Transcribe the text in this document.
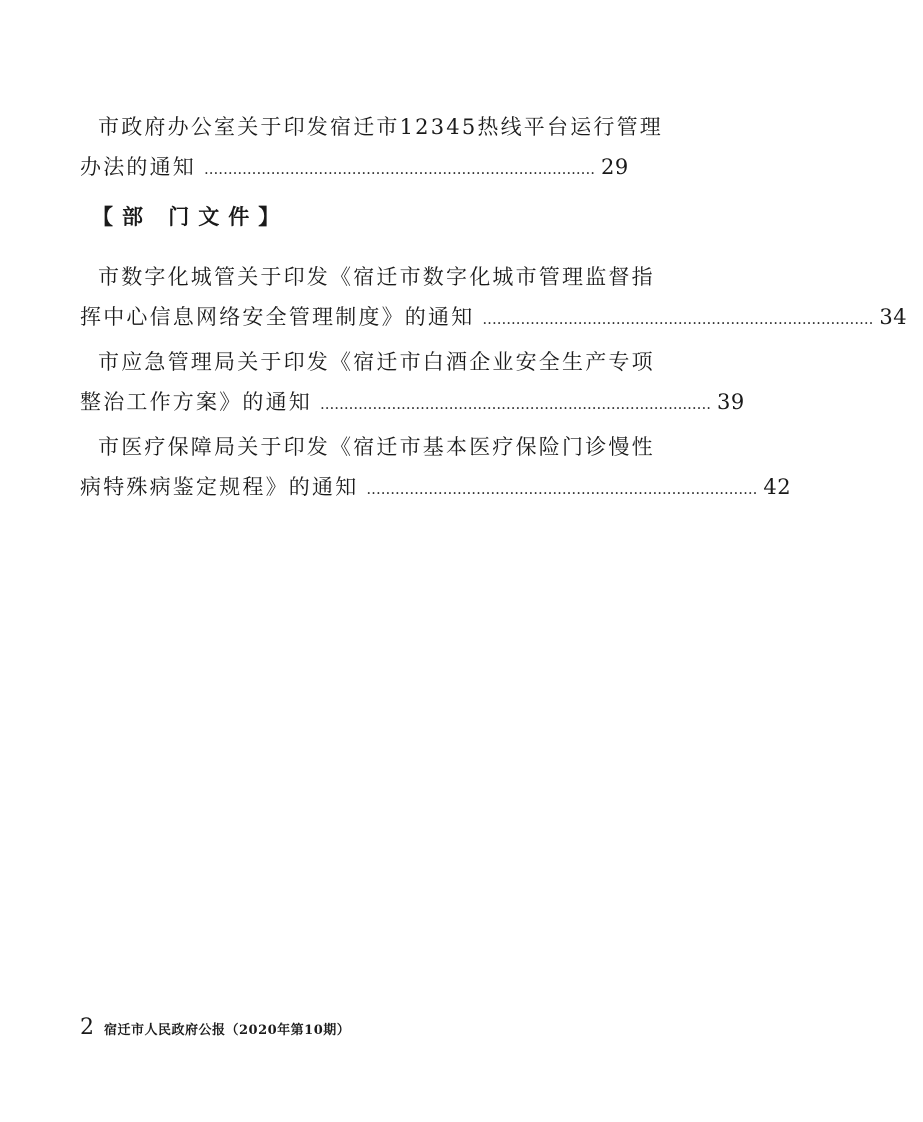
市政府办公室关于印发宿迁市12345热线平台运行管理
办法的通知 .................................................................................. 29
【部 门文件】
市数字化城管关于印发《宿迁市数字化城市管理监督指
挥中心信息网络安全管理制度》的通知 .................................................................................. 34
市应急管理局关于印发《宿迁市白酒企业安全生产专项
整治工作方案》的通知 .................................................................................. 39
市医疗保障局关于印发《宿迁市基本医疗保险门诊慢性
病特殊病鉴定规程》的通知 .................................................................................. 42
2 宿迁市人民政府公报（2020年第10期）
